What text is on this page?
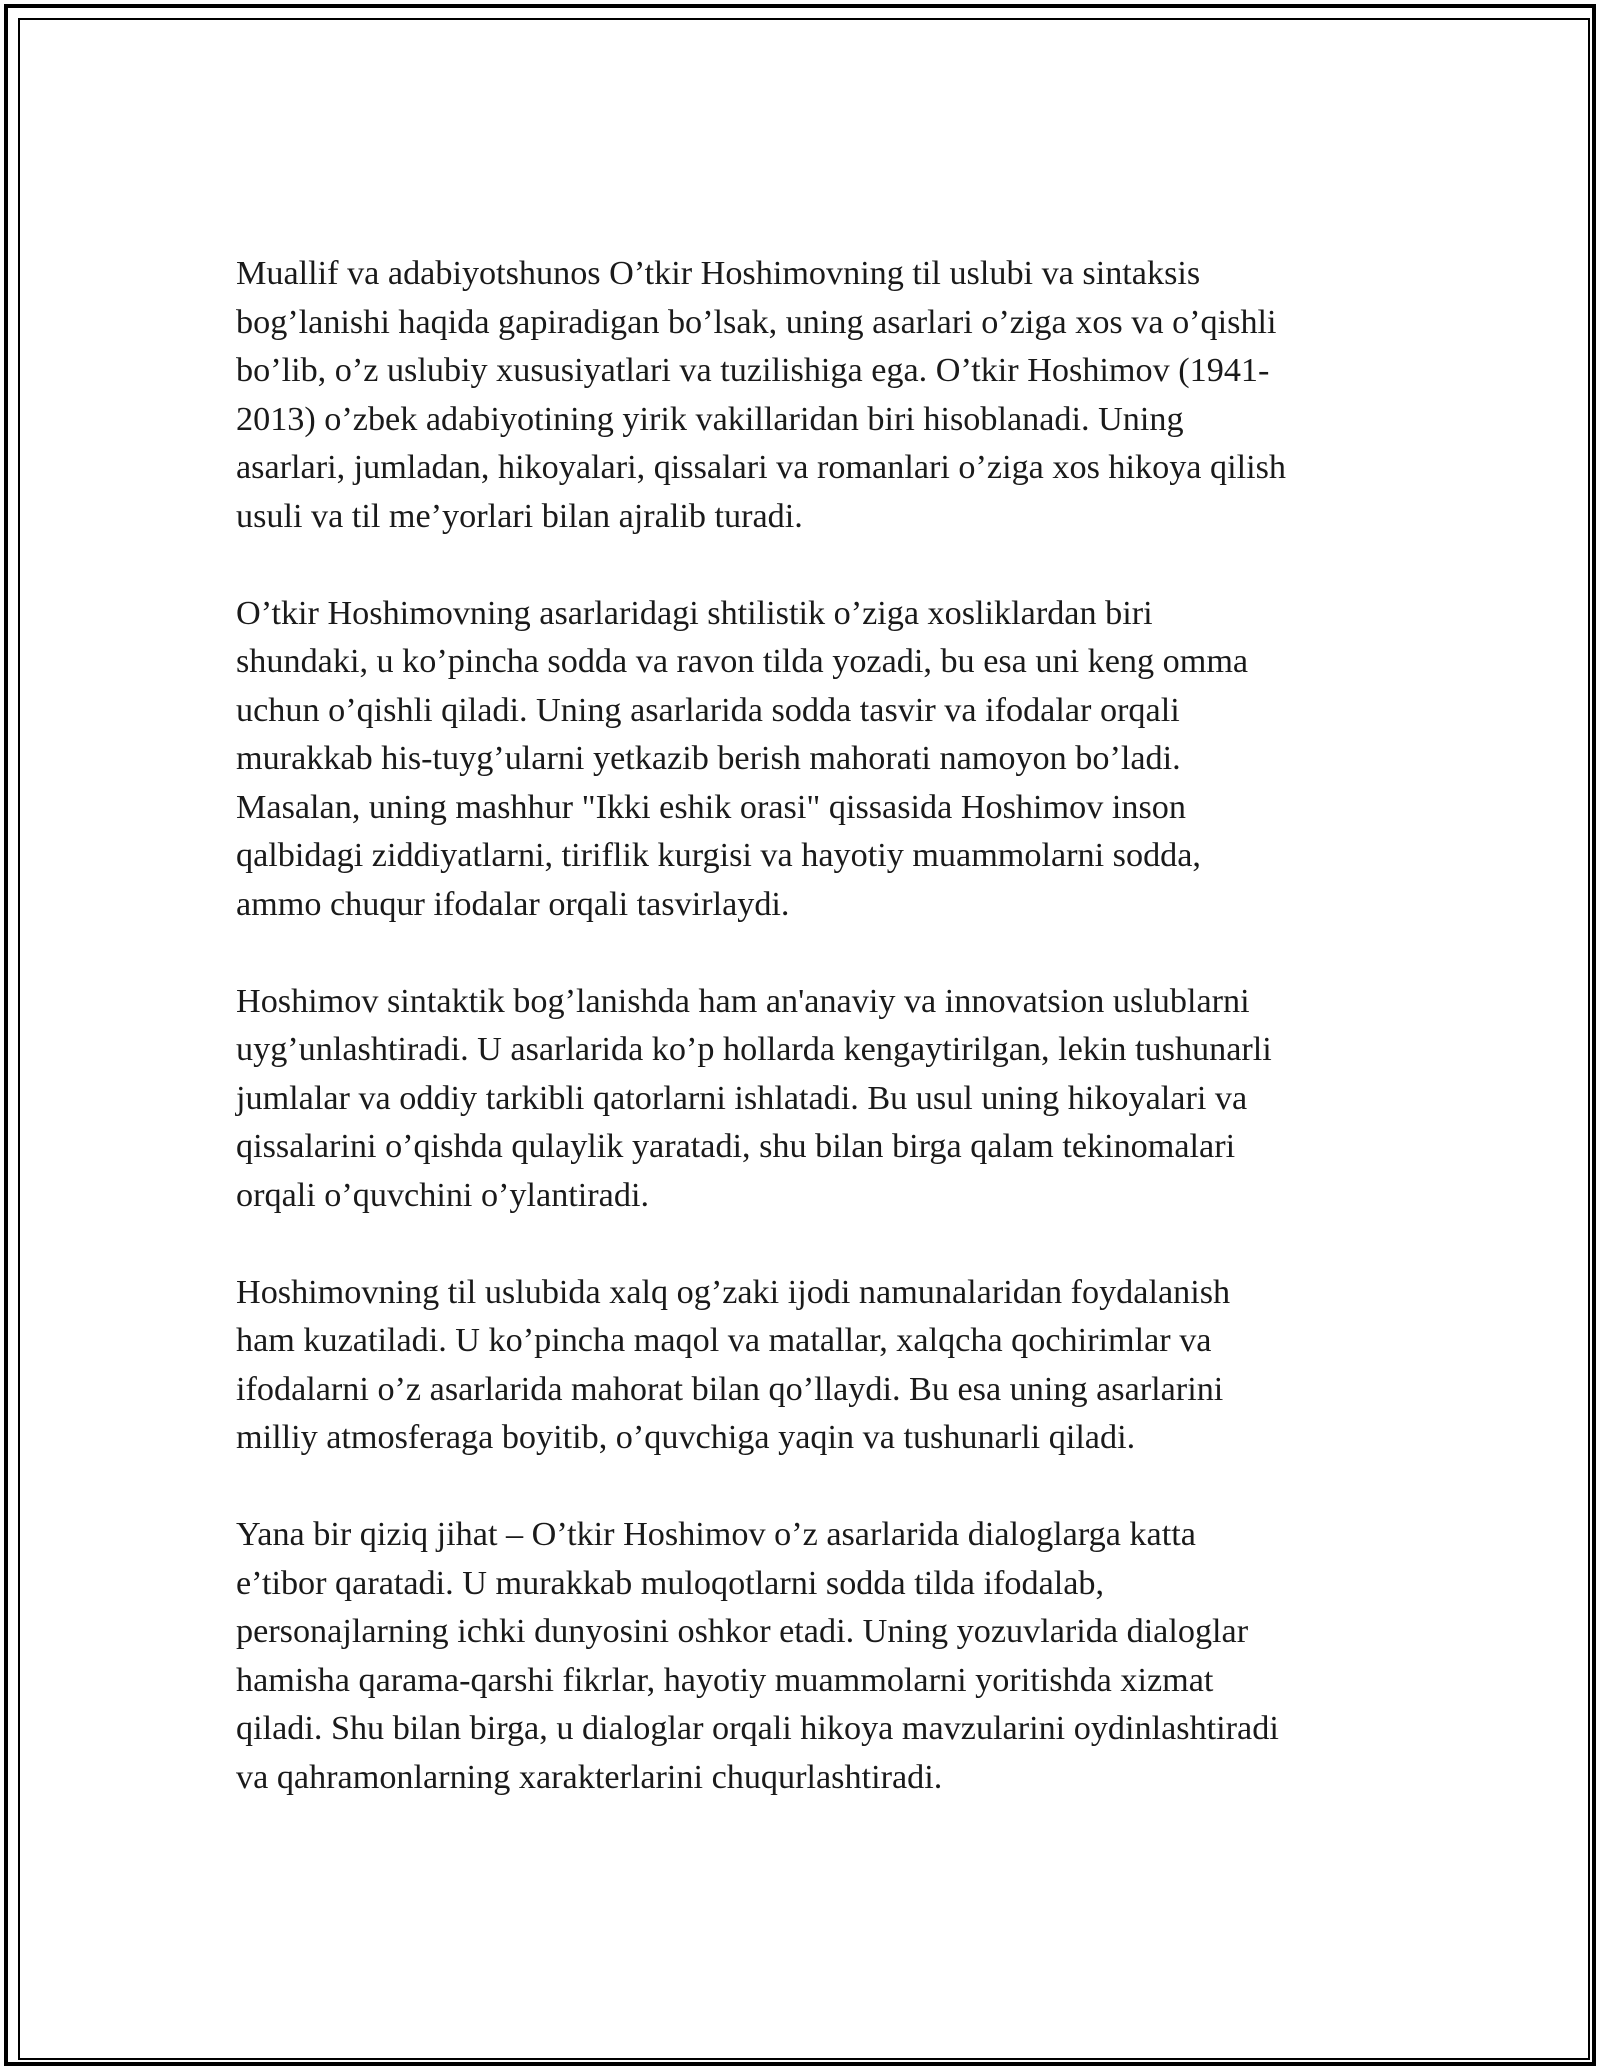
Muallif va adabiyotshunos O’tkir Hoshimovning til uslubi va sintaksis
bog’lanishi haqida gapiradigan bo’lsak, uning asarlari o’ziga xos va o’qishli
bo’lib, o’z uslubiy xususiyatlari va tuzilishiga ega. O’tkir Hoshimov (1941-
2013) o’zbek adabiyotining yirik vakillaridan biri hisoblanadi. Uning
asarlari, jumladan, hikoyalari, qissalari va romanlari o’ziga xos hikoya qilish
usuli va til me’yorlari bilan ajralib turadi.

O’tkir Hoshimovning asarlaridagi shtilistik o’ziga xosliklardan biri
shundaki, u ko’pincha sodda va ravon tilda yozadi, bu esa uni keng omma
uchun o’qishli qiladi. Uning asarlarida sodda tasvir va ifodalar orqali
murakkab his-tuyg’ularni yetkazib berish mahorati namoyon bo’ladi.
Masalan, uning mashhur "Ikki eshik orasi" qissasida Hoshimov inson
qalbidagi ziddiyatlarni, tiriflik kurgisi va hayotiy muammolarni sodda,
ammo chuqur ifodalar orqali tasvirlaydi.

Hoshimov sintaktik bog’lanishda ham an'anaviy va innovatsion uslublarni
uyg’unlashtiradi. U asarlarida ko’p hollarda kengaytirilgan, lekin tushunarli
jumlalar va oddiy tarkibli qatorlarni ishlatadi. Bu usul uning hikoyalari va
qissalarini o’qishda qulaylik yaratadi, shu bilan birga qalam tekinomalari
orqali o’quvchini o’ylantiradi.

Hoshimovning til uslubida xalq og’zaki ijodi namunalaridan foydalanish
ham kuzatiladi. U ko’pincha maqol va matallar, xalqcha qochirimlar va
ifodalarni o’z asarlarida mahorat bilan qo’llaydi. Bu esa uning asarlarini
milliy atmosferaga boyitib, o’quvchiga yaqin va tushunarli qiladi.

Yana bir qiziq jihat – O’tkir Hoshimov o’z asarlarida dialoglarga katta
e’tibor qaratadi. U murakkab muloqotlarni sodda tilda ifodalab,
personajlarning ichki dunyosini oshkor etadi. Uning yozuvlarida dialoglar
hamisha qarama-qarshi fikrlar, hayotiy muammolarni yoritishda xizmat
qiladi. Shu bilan birga, u dialoglar orqali hikoya mavzularini oydinlashtiradi
va qahramonlarning xarakterlarini chuqurlashtiradi.
